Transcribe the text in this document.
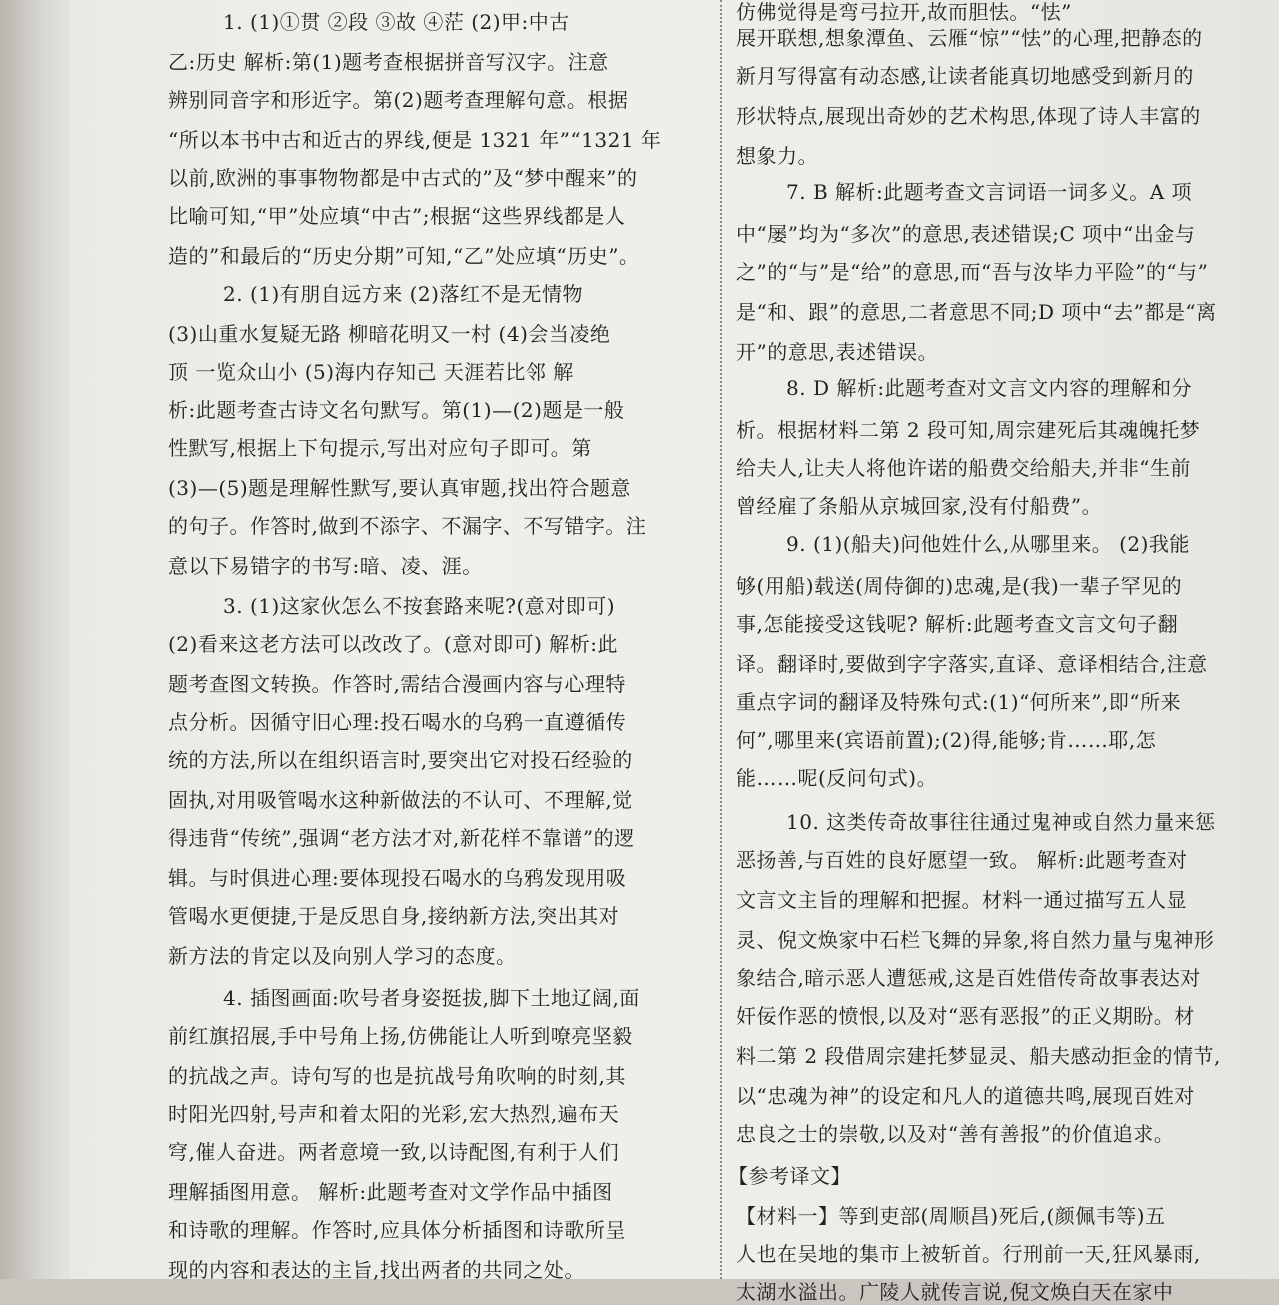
1. (1)①贯 ②段 ③故 ④茫 (2)甲:中古
乙:历史 解析:第(1)题考查根据拼音写汉字。注意
辨别同音字和形近字。第(2)题考查理解句意。根据
“所以本书中古和近古的界线,便是 1321 年”“1321 年
以前,欧洲的事事物物都是中古式的”及“梦中醒来”的
比喻可知,“甲”处应填“中古”;根据“这些界线都是人
造的”和最后的“历史分期”可知,“乙”处应填“历史”。
2. (1)有朋自远方来 (2)落红不是无情物
(3)山重水复疑无路 柳暗花明又一村 (4)会当凌绝
顶 一览众山小 (5)海内存知己 天涯若比邻 解
析:此题考查古诗文名句默写。第(1)—(2)题是一般
性默写,根据上下句提示,写出对应句子即可。第
(3)—(5)题是理解性默写,要认真审题,找出符合题意
的句子。作答时,做到不添字、不漏字、不写错字。注
意以下易错字的书写:暗、凌、涯。
3. (1)这家伙怎么不按套路来呢?(意对即可)
(2)看来这老方法可以改改了。(意对即可) 解析:此
题考查图文转换。作答时,需结合漫画内容与心理特
点分析。因循守旧心理:投石喝水的乌鸦一直遵循传
统的方法,所以在组织语言时,要突出它对投石经验的
固执,对用吸管喝水这种新做法的不认可、不理解,觉
得违背“传统”,强调“老方法才对,新花样不靠谱”的逻
辑。与时俱进心理:要体现投石喝水的乌鸦发现用吸
管喝水更便捷,于是反思自身,接纳新方法,突出其对
新方法的肯定以及向别人学习的态度。
4. 插图画面:吹号者身姿挺拔,脚下土地辽阔,面
前红旗招展,手中号角上扬,仿佛能让人听到嘹亮坚毅
的抗战之声。诗句写的也是抗战号角吹响的时刻,其
时阳光四射,号声和着太阳的光彩,宏大热烈,遍布天
穹,催人奋进。两者意境一致,以诗配图,有利于人们
理解插图用意。 解析:此题考查对文学作品中插图
和诗歌的理解。作答时,应具体分析插图和诗歌所呈
现的内容和表达的主旨,找出两者的共同之处。
仿佛觉得是弯弓拉开,故而胆怯。“怯”
展开联想,想象潭鱼、云雁“惊”“怯”的心理,把静态的
新月写得富有动态感,让读者能真切地感受到新月的
形状特点,展现出奇妙的艺术构思,体现了诗人丰富的
想象力。
7. B 解析:此题考查文言词语一词多义。A 项
中“屡”均为“多次”的意思,表述错误;C 项中“出金与
之”的“与”是“给”的意思,而“吾与汝毕力平险”的“与”
是“和、跟”的意思,二者意思不同;D 项中“去”都是“离
开”的意思,表述错误。
8. D 解析:此题考查对文言文内容的理解和分
析。根据材料二第 2 段可知,周宗建死后其魂魄托梦
给夫人,让夫人将他许诺的船费交给船夫,并非“生前
曾经雇了条船从京城回家,没有付船费”。
9. (1)(船夫)问他姓什么,从哪里来。 (2)我能
够(用船)载送(周侍御的)忠魂,是(我)一辈子罕见的
事,怎能接受这钱呢? 解析:此题考查文言文句子翻
译。翻译时,要做到字字落实,直译、意译相结合,注意
重点字词的翻译及特殊句式:(1)“何所来”,即“所来
何”,哪里来(宾语前置);(2)得,能够;肯……耶,怎
能……呢(反问句式)。
10. 这类传奇故事往往通过鬼神或自然力量来惩
恶扬善,与百姓的良好愿望一致。 解析:此题考查对
文言文主旨的理解和把握。材料一通过描写五人显
灵、倪文焕家中石栏飞舞的异象,将自然力量与鬼神形
象结合,暗示恶人遭惩戒,这是百姓借传奇故事表达对
奸佞作恶的愤恨,以及对“恶有恶报”的正义期盼。材
料二第 2 段借周宗建托梦显灵、船夫感动拒金的情节,
以“忠魂为神”的设定和凡人的道德共鸣,展现百姓对
忠良之士的崇敬,以及对“善有善报”的价值追求。
【参考译文】
【材料一】等到吏部(周顺昌)死后,(颜佩韦等)五
人也在吴地的集市上被斩首。行刑前一天,狂风暴雨,
太湖水溢出。广陵人就传言说,倪文焕白天在家中
